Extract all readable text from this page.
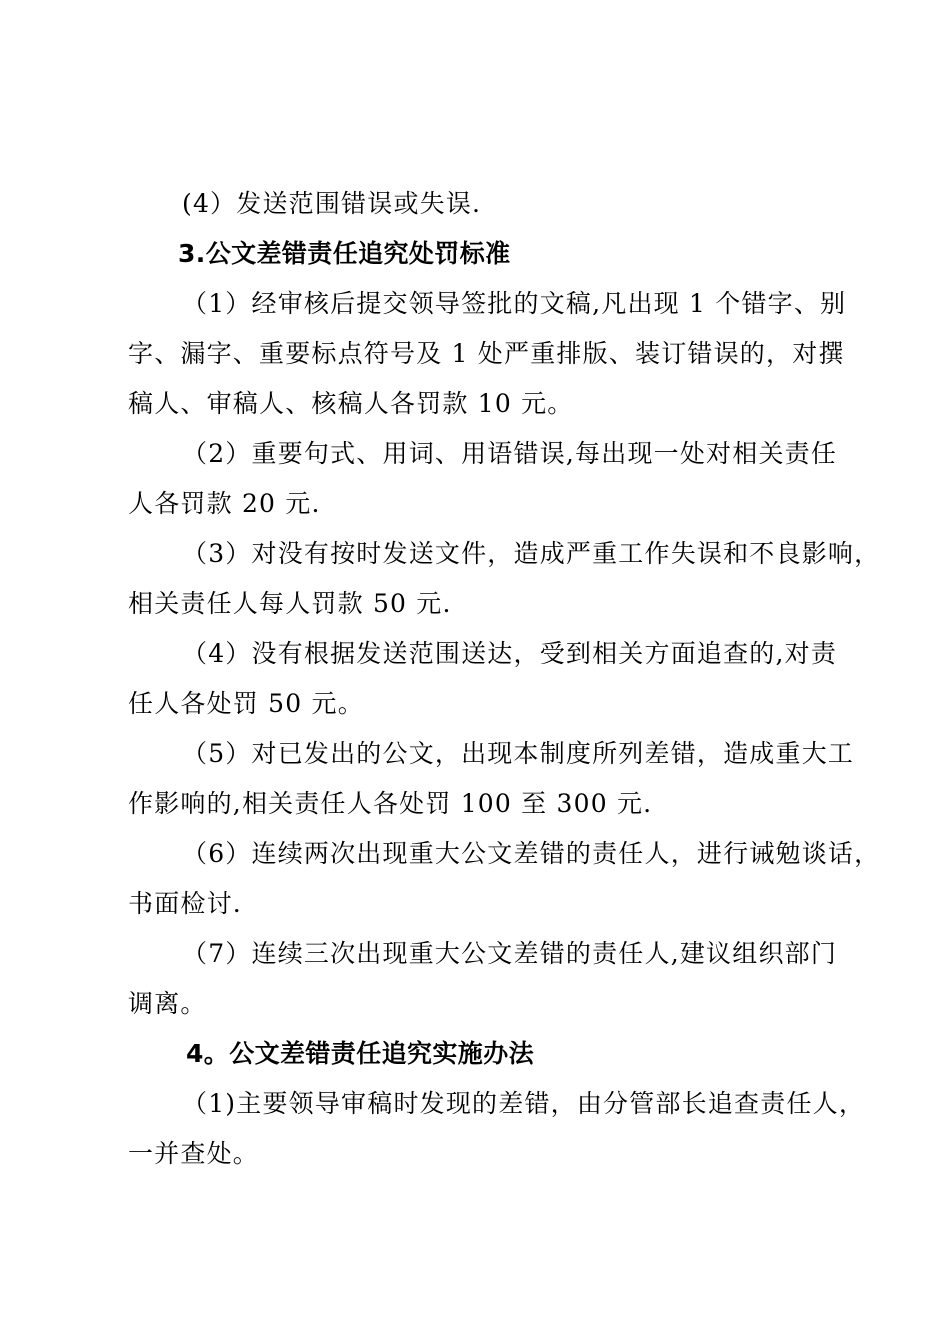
(4）发送范围错误或失误.
3.公文差错责任追究处罚标准
（1）经审核后提交领导签批的文稿,凡出现 1 个错字、别
字、漏字、重要标点符号及 1 处严重排版、装订错误的，对撰
稿人、审稿人、核稿人各罚款 10 元。
（2）重要句式、用词、用语错误,每出现一处对相关责任
人各罚款 20 元.
（3）对没有按时发送文件，造成严重工作失误和不良影响，
相关责任人每人罚款 50 元.
（4）没有根据发送范围送达，受到相关方面追查的,对责
任人各处罚 50 元。
（5）对已发出的公文，出现本制度所列差错，造成重大工
作影响的,相关责任人各处罚 100 至 300 元.
（6）连续两次出现重大公文差错的责任人，进行诫勉谈话，
书面检讨.
（7）连续三次出现重大公文差错的责任人,建议组织部门
调离。
4。公文差错责任追究实施办法
（1)主要领导审稿时发现的差错，由分管部长追查责任人，
一并查处。
